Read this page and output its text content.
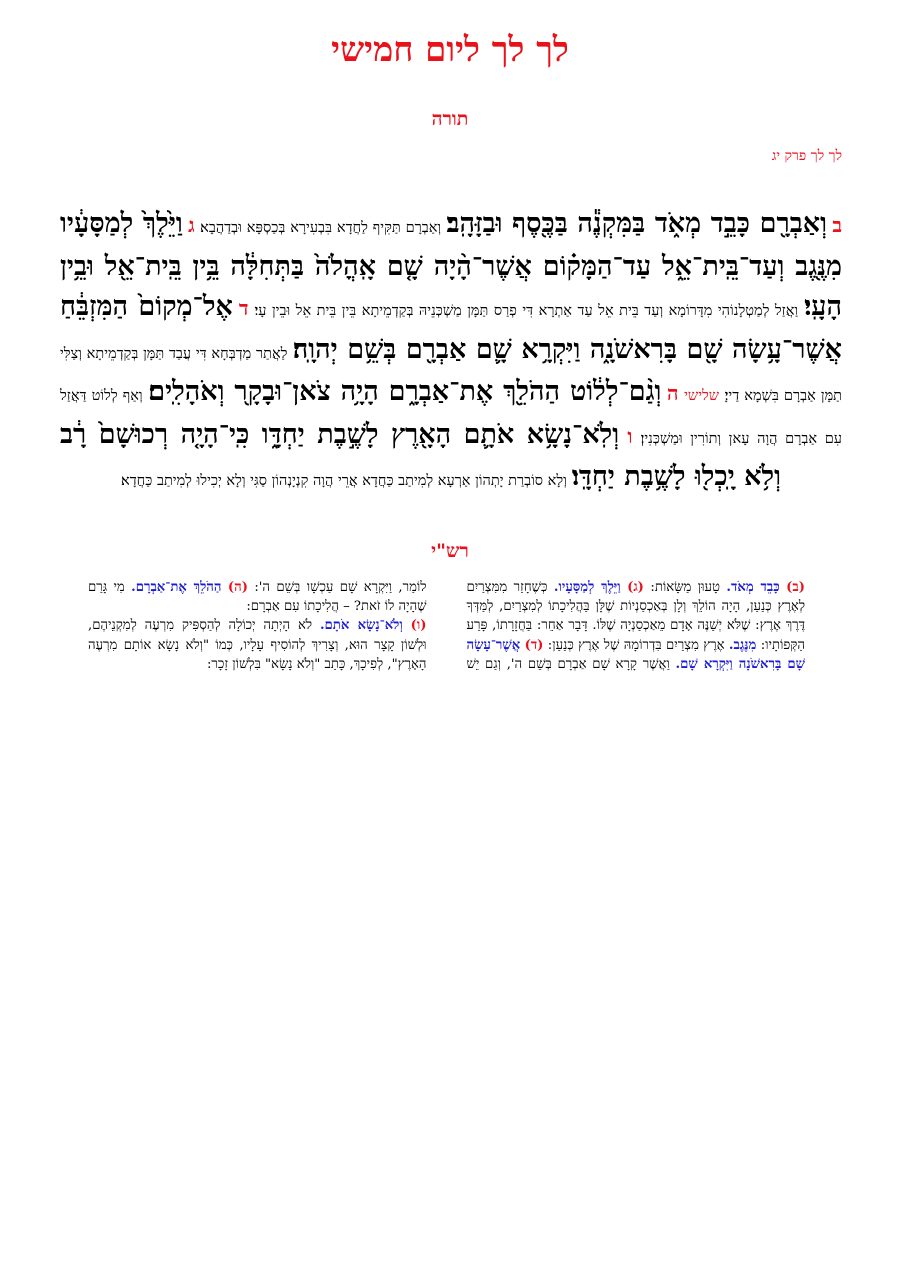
לך לך ליום חמישי
תורה
לך לך פרק יג
ב וְאַבְרָ֖ם כָּבֵ֣ד מְאֹ֑ד בַּמִּקְנֶ֕ה בַּכֶּ֖סֶף וּבַזָּהָֽב׃ וְאַבְרָם תַּקִּיף לַחֲדָא בִּבְעִירָא בְּכַסְפָּא וּבְדַהֲבָא׃ ג וַיֵּ֙לֶךְ֙ לְמַסָּעָ֔יו מִנֶּ֖גֶב וְעַד־בֵּֽית־אֵ֑ל עַד־הַמָּק֗וֹם אֲשֶׁר־הָ֨יָה שָׁ֤ם אָֽהֳלֹה֙ בַּתְּחִלָּ֔ה בֵּ֥ין בֵּֽית־אֵ֖ל וּבֵ֥ין הָעָֽי׃ וַאֲזַל לְמַטְלָנוֹהִי מִדָּרוֹמָא וְעַד בֵּית אֵל עַד אַתְרָא דִּי פְרַס תַּמָּן מַשְׁכְּנֵיהּ בְּקַדְמֵיתָא בֵּין בֵּית אֵל וּבֵין עָי׃ ד אֶל־מְקוֹם֙ הַמִּזְבֵּ֔חַ אֲשֶׁר־עָ֥שָׂה שָׁ֖ם בָּרִאשֹׁנָ֑ה וַיִּקְרָ֥א שָׁ֛ם אַבְרָ֖ם בְּשֵׁ֥ם יְהוָֽה׃ לַאֲתַר מַדְבְּחָא דִּי עֲבַד תַּמָּן בְּקַדְמֵיתָא וְצַלִּי תַמָּן אַבְרָם בִּשְׁמָא דַייָ׃ שלישי ה וְגַ֨ם־לְל֔וֹט הַהֹלֵ֖ךְ אֶת־אַבְרָ֑ם הָיָ֥ה צֹאן־וּבָקָ֖ר וְאֹהָלִֽים׃ וְאַף לְלוֹט דַּאֲזַל עִם אַבְרָם הֲוָה עָאן וְתוֹרִין וּמַשְׁכְּנִין׃ ו וְלֹֽא־נָשָׂ֥א אֹתָ֛ם הָאָ֖רֶץ לָשֶׁ֣בֶת יַחְדָּ֑ו כִּֽי־הָיָ֤ה רְכוּשָׁם֙ רָ֔ב וְלֹ֥א יָֽכְל֖וּ לָשֶׁ֥בֶת יַחְדָּֽו׃ וְלָא סוֹבְרַת יָתְהוֹן אַרְעָא לְמִיתַב כַּחֲדָא אֲרֵי הֲוָה קִנְיָנְהוֹן סַגִּי וְלָא יְכִילוּ לְמִיתַב כַּחֲדָא׃
רש"י

(ב) כָּבֵד מְאֹד. טָעוּן מַשָּׂאוֹת: (ג) וַיֵּלֶךְ לְמַסָּעָיו. כְּשֶׁחָזַר מִמִּצְרַיִם לְאֶרֶץ כְּנַעַן, הָיָה הוֹלֵךְ וְלָן בְּאַכְסַנְיוֹת שֶׁלָּן בַּהֲלִיכָתוֹ לְמִצְרַיִם, לְמַּדְּךָ דֶּרֶךְ אֶרֶץ: שֶׁלֹּא יְשַׁנֶּה אָדָם מֵאַכְסַנְיָה שֶׁלּוֹ. דָּבָר אַחֵר: בַּחֲזָרָתוֹ, פָּרַע הַקְּפוֹתָיו: מִנֶּגֶב. אֶרֶץ מִצְרַיִם בִּדְרוֹמָהּ שֶׁל אֶרֶץ כְּנַעַן: (ד) אֲשֶׁר־עָשָׂה שָׁם בָּרִאשֹׁנָה וַיִּקְרָא שָׁם. וַאֲשֶׁר קָרָא שָׁם אַבְרָם בְּשֵׁם ה', וְגַם יֵשׁ לוֹמַר, וַיִּקְרָא שָׁם עַכְשָׁו בְּשֵׁם ה': (ה) הַהֹלֵךְ אֶת־אַבְרָם. מִי גָּרַם שֶׁהָיָה לוֹ זֹאת? – הֲלִיכָתוֹ עִם אַבְרָם:

(ו) וְלֹא־נָשָׂא אֹתָם. לֹא הָיְתָה יְכוֹלָה לְהַסְפִּיק מִרְעֶה לְמִקְנֵיהֶם, וּלְשׁוֹן קָצָר הוּא, וְצָרִיךְ לְהוֹסִיף עָלָיו, כְּמוֹ "וְלֹא נָשָׂא אוֹתָם מִרְעֶה הָאָרֶץ", לְפִיכָךְ, כָּתַב "וְלֹא נָשָׂא" בִּלְשׁוֹן זָכָר:
